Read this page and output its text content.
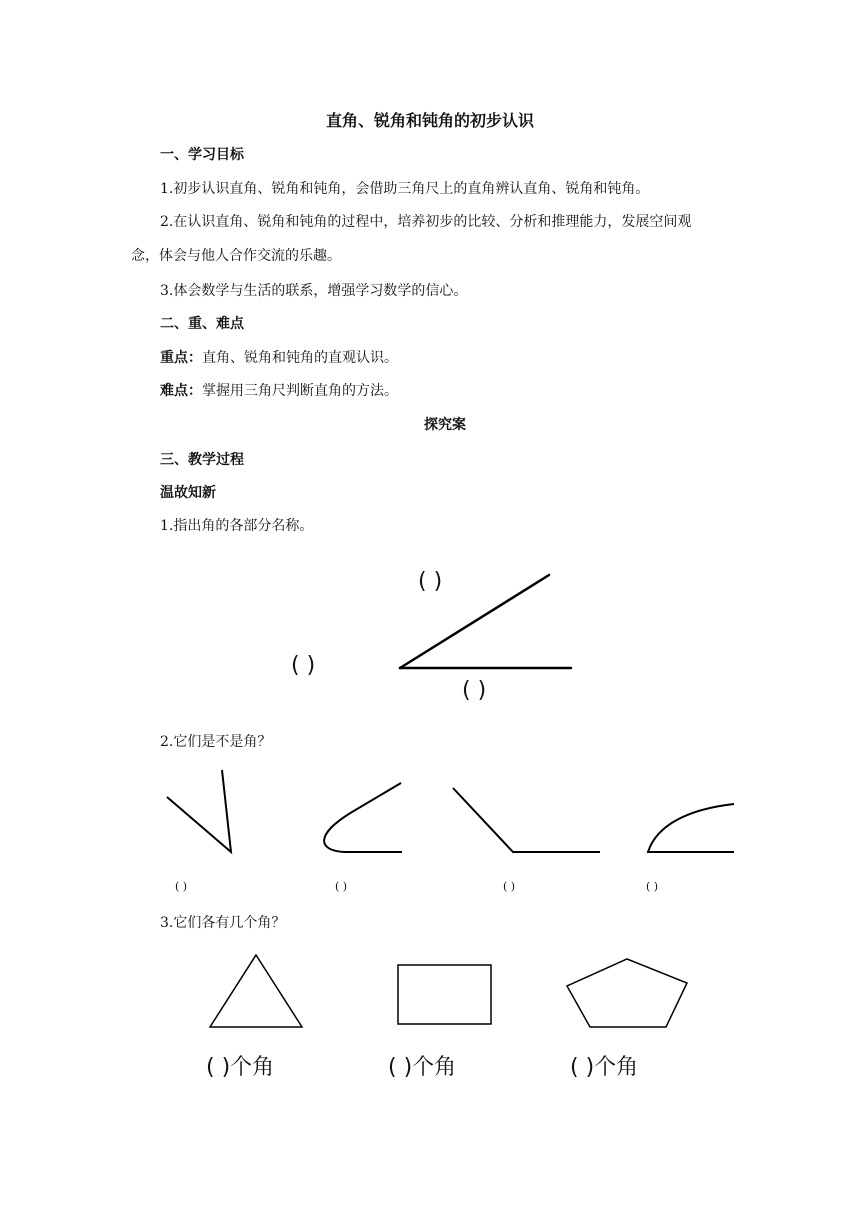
直角、锐角和钝角的初步认识
一、学习目标
1.初步认识直角、锐角和钝角，会借助三角尺上的直角辨认直角、锐角和钝角。
2.在认识直角、锐角和钝角的过程中，培养初步的比较、分析和推理能力，发展空间观
念，体会与他人合作交流的乐趣。
3.体会数学与生活的联系，增强学习数学的信心。
二、重、难点
重点：直角、锐角和钝角的直观认识。
难点：掌握用三角尺判断直角的方法。
探究案
三、教学过程
温故知新
1.指出角的各部分名称。
( )
( )
( )
2.它们是不是角？
( )	( )	( )	( )
3.它们各有几个角？
( )个角	( )个角	( )个角
